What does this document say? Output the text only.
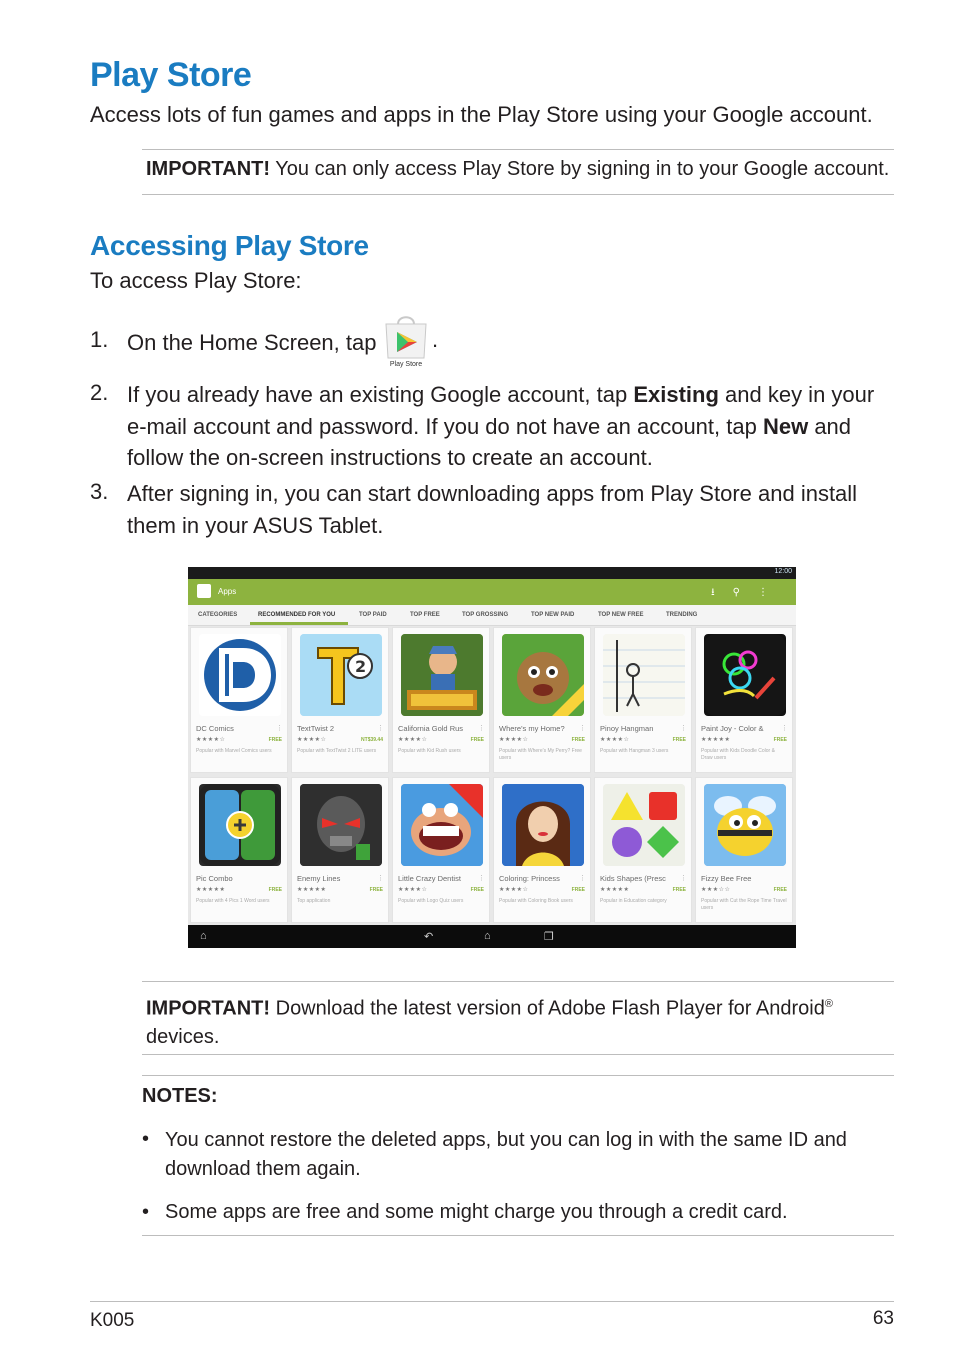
Play Store
Access lots of fun games and apps in the Play Store using your Google account.
IMPORTANT! You can only access Play Store by signing in to your Google account.
Accessing Play Store
To access Play Store:
1. On the Home Screen, tap
Play Store
.
2. If you already have an existing Google account, tap Existing and key in your e-mail account and password. If you do not have an account, tap New and follow the on-screen instructions to create an account.
3. After signing in, you can start downloading apps from Play Store and install them in your ASUS Tablet.
12:00
Apps	⭳⚲⋮
CATEGORIES	RECOMMENDED FOR YOU	TOP PAID	TOP FREE	TOP GROSSING	TOP NEW PAID	TOP NEW FREE	TRENDING
DC Comics	⋮
★★★★☆	FREE
Popular with Marvel Comics users
2
TextTwist 2	⋮
★★★★☆	NT$39.44
Popular with TextTwist 2 LITE users
California Gold Rus	⋮
★★★★☆	FREE
Popular with Kid Rush users
Where's my Home?	⋮
★★★★☆	FREE
Popular with Where's My Perry? Free users
Pinoy Hangman	⋮
★★★★☆	FREE
Popular with Hangman 3 users
Paint Joy - Color &	⋮
★★★★★	FREE
Popular with Kids Doodle Color & Draw users
Pic Combo
★★★★★	FREE
Popular with 4 Pics 1 Word users
Enemy Lines	⋮
★★★★★	FREE
Top application
Little Crazy Dentist	⋮
★★★★☆	FREE
Popular with Logo Quiz users
Coloring: Princess	⋮
★★★★☆	FREE
Popular with Coloring Book users
Kids Shapes (Presc	⋮
★★★★★	FREE
Popular in Education category
Fizzy Bee Free
★★★☆☆	FREE
Popular with Cut the Rope Time Travel users
⌂	↶	⌂	❐
IMPORTANT! Download the latest version of Adobe Flash Player for Android® devices.
NOTES:
• You cannot restore the deleted apps, but you can log in with the same ID and download them again.
• Some apps are free and some might charge you through a credit card.
K005	63
